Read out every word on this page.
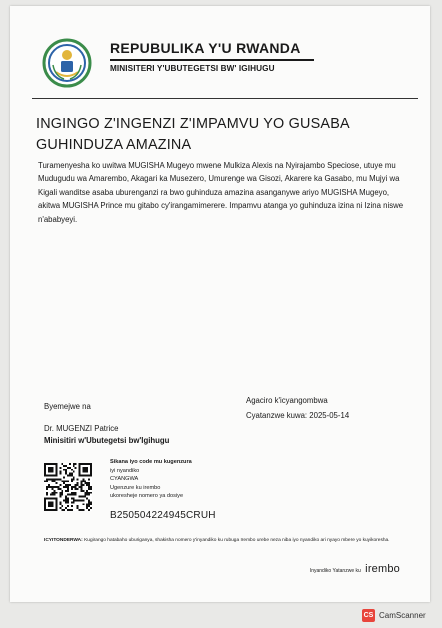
REPUBULIKA Y'U RWANDA
MINISITERI Y'UBUTEGETSI BW' IGIHUGU
INGINGO Z'INGENZI Z'IMPAMVU YO GUSABA GUHINDUZA AMAZINA
Turamenyesha ko uwitwa MUGISHA Mugeyo mwene Mulkiza Alexis na Nyirajambo Speciose, utuye mu Mudugudu wa Amarembo, Akagari ka Musezero, Umurenge wa Gisozi, Akarere ka Gasabo, mu Mujyi wa Kigali wanditse asaba uburenganzi ra bwo guhinduza amazina asanganywe ariyo MUGISHA Mugeyo, akitwa MUGISHA Prince mu gitabo cy'irangamimerere. Impamvu atanga yo guhinduza izina ni Izina niswe n'ababyeyi.
Byemejwe na
Dr. MUGENZI Patrice
Minisitiri w'Ubutegetsi bw'Igihugu
Agaciro k'icyangombwa
Cyatanzwe kuwa: 2025-05-14
Sikana iyo code mu kugenzura
iyi nyandiko
CYANGWA
Ugenzure ku irembo
ukoresheje nomero ya dosiye
B250504224945CRUH
ICYITONDERWA: Kugirango hatabaho uburiganya, shakisha nomero y'inyandiko ku rubuga Irembo urebe neza niba iyo nyandiko ari nyayo mbere yo kuyikoresha.
Inyandiko Yatanzwe ku irembo
CS CamScanner
